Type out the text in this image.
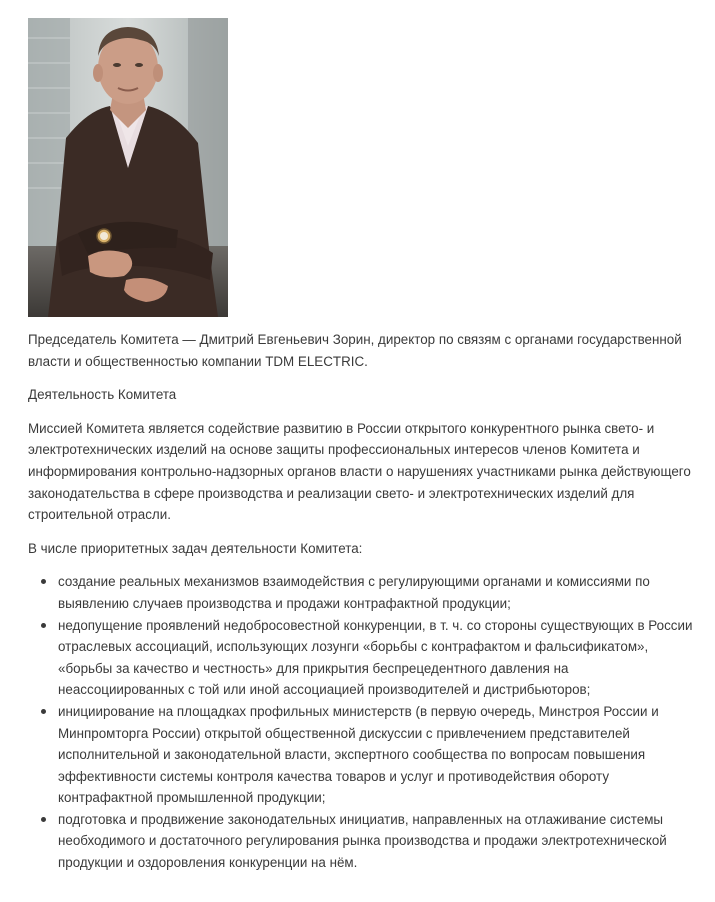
Председатель Комитета — Дмитрий Евгеньевич Зорин, директор по связям с органами государственной власти и общественностью компании TDM ELECTRIC.

Деятельность Комитета

Миссией Комитета является содействие развитию в России открытого конкурентного рынка свето- и электротехнических изделий на основе защиты профессиональных интересов членов Комитета и информирования контрольно-надзорных органов власти о нарушениях участниками рынка действующего законодательства в сфере производства и реализации свето- и электротехнических изделий для строительной отрасли.

В числе приоритетных задач деятельности Комитета:

создание реальных механизмов взаимодействия с регулирующими органами и комиссиями по выявлению случаев производства и продажи контрафактной продукции;
недопущение проявлений недобросовестной конкуренции, в т. ч. со стороны существующих в России отраслевых ассоциаций, использующих лозунги «борьбы с контрафактом и фальсификатом», «борьбы за качество и честность» для прикрытия беспрецедентного давления на неассоциированных с той или иной ассоциацией производителей и дистрибьюторов;
инициирование на площадках профильных министерств (в первую очередь, Минстроя России и Минпромторга России) открытой общественной дискуссии с привлечением представителей исполнительной и законодательной власти, экспертного сообщества по вопросам повышения эффективности системы контроля качества товаров и услуг и противодействия обороту контрафактной промышленной продукции;
подготовка и продвижение законодательных инициатив, направленных на отлаживание системы необходимого и достаточного регулирования рынка производства и продажи электротехнической продукции и оздоровления конкуренции на нём.
